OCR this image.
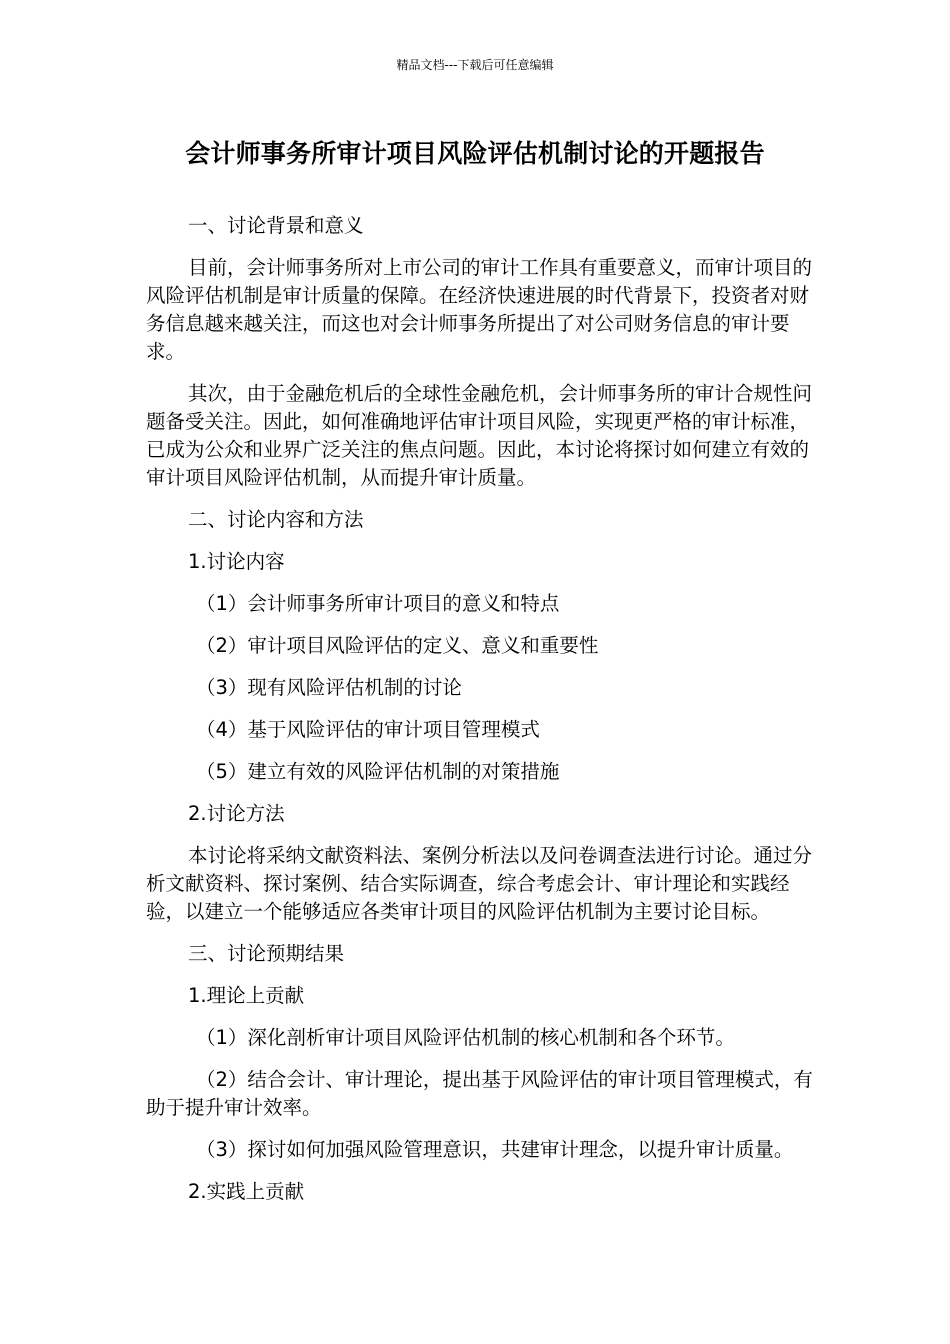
精品文档---下载后可任意编辑
会计师事务所审计项目风险评估机制讨论的开题报告

一、讨论背景和意义

目前，会计师事务所对上市公司的审计工作具有重要意义，而审计项目的风险评估机制是审计质量的保障。在经济快速进展的时代背景下，投资者对财务信息越来越关注，而这也对会计师事务所提出了对公司财务信息的审计要求。

其次，由于金融危机后的全球性金融危机，会计师事务所的审计合规性问题备受关注。因此，如何准确地评估审计项目风险，实现更严格的审计标准，已成为公众和业界广泛关注的焦点问题。因此，本讨论将探讨如何建立有效的审计项目风险评估机制，从而提升审计质量。

二、讨论内容和方法

1.讨论内容

（1）会计师事务所审计项目的意义和特点

（2）审计项目风险评估的定义、意义和重要性

（3）现有风险评估机制的讨论

（4）基于风险评估的审计项目管理模式

（5）建立有效的风险评估机制的对策措施

2.讨论方法

本讨论将采纳文献资料法、案例分析法以及问卷调查法进行讨论。通过分析文献资料、探讨案例、结合实际调查，综合考虑会计、审计理论和实践经验，以建立一个能够适应各类审计项目的风险评估机制为主要讨论目标。

三、讨论预期结果

1.理论上贡献

（1）深化剖析审计项目风险评估机制的核心机制和各个环节。

（2）结合会计、审计理论，提出基于风险评估的审计项目管理模式，有助于提升审计效率。

（3）探讨如何加强风险管理意识，共建审计理念，以提升审计质量。

2.实践上贡献
